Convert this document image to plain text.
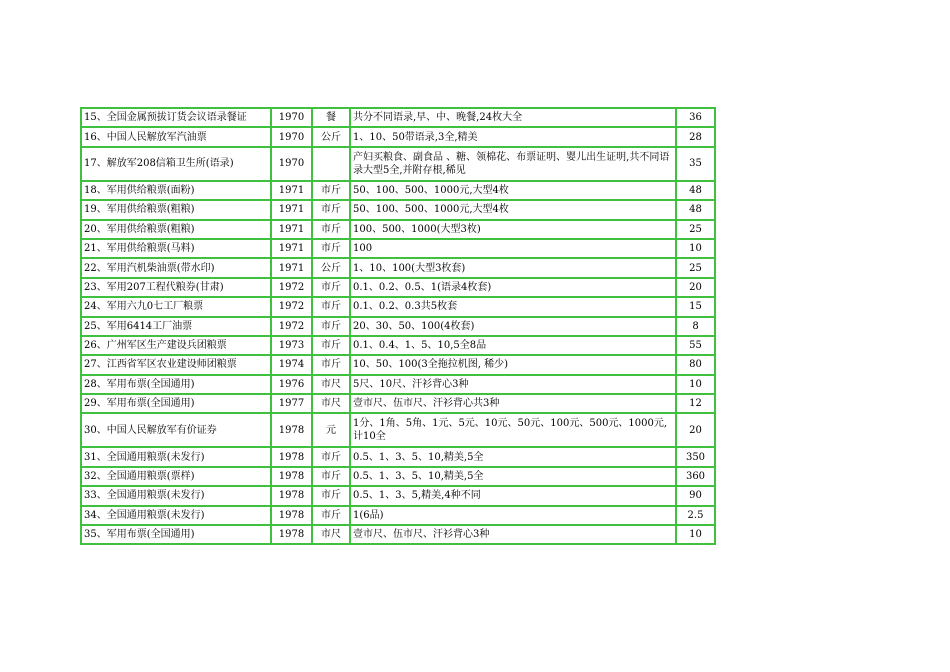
15、全国金属预拔订货会议语录餐证	1970	餐	共分不同语录,早、中、晚餐,24枚大全	36
16、中国人民解放军汽油票	1970	公斤	1、10、50带语录,3全,精美	28
17、解放军208信箱卫生所(语录)	1970		产妇买粮食、副食品 、糖、领棉花、布票证明、婴儿出生证明,共不同语录大型5全,并附存根,稀见	35
18、军用供给粮票(面粉)	1971	市斤	50、100、500、1000元,大型4枚	48
19、军用供给粮票(粗粮)	1971	市斤	50、100、500、1000元,大型4枚	48
20、军用供给粮票(粗粮)	1971	市斤	100、500、1000(大型3枚)	25
21、军用供给粮票(马料)	1971	市斤	100	10
22、军用汽机柴油票(带水印)	1971	公斤	1、10、100(大型3枚套)	25
23、军用207工程代粮券(甘肃)	1972	市斤	0.1、0.2、0.5、1(语录4枚套)	20
24、军用六九0七工厂粮票	1972	市斤	0.1、0.2、0.3共5枚套	15
25、军用6414工厂油票	1972	市斤	20、30、50、100(4枚套)	8
26、广州军区生产建设兵团粮票	1973	市斤	0.1、0.4、1、5、10,5全8品	55
27、江西省军区农业建设师团粮票	1974	市斤	10、50、100(3全拖拉机图, 稀少)	80
28、军用布票(全国通用)	1976	市尺	5尺、10尺、汗衫背心3种	10
29、军用布票(全国通用)	1977	市尺	壹市尺、伍市尺、汗衫背心共3种	12
30、中国人民解放军有价证券	1978	元	1分、1角、5角、1元、5元、10元、50元、100元、500元、1000元,计10全	20
31、全国通用粮票(未发行)	1978	市斤	0.5、1、3、5、10,精美,5全	350
32、全国通用粮票(票样)	1978	市斤	0.5、1、3、5、10,精美,5全	360
33、全国通用粮票(未发行)	1978	市斤	0.5、1、3、5,精美,4种不同	90
34、全国通用粮票(未发行)	1978	市斤	1(6品)	2.5
35、军用布票(全国通用)	1978	市尺	壹市尺、伍市尺、汗衫背心3种	10
